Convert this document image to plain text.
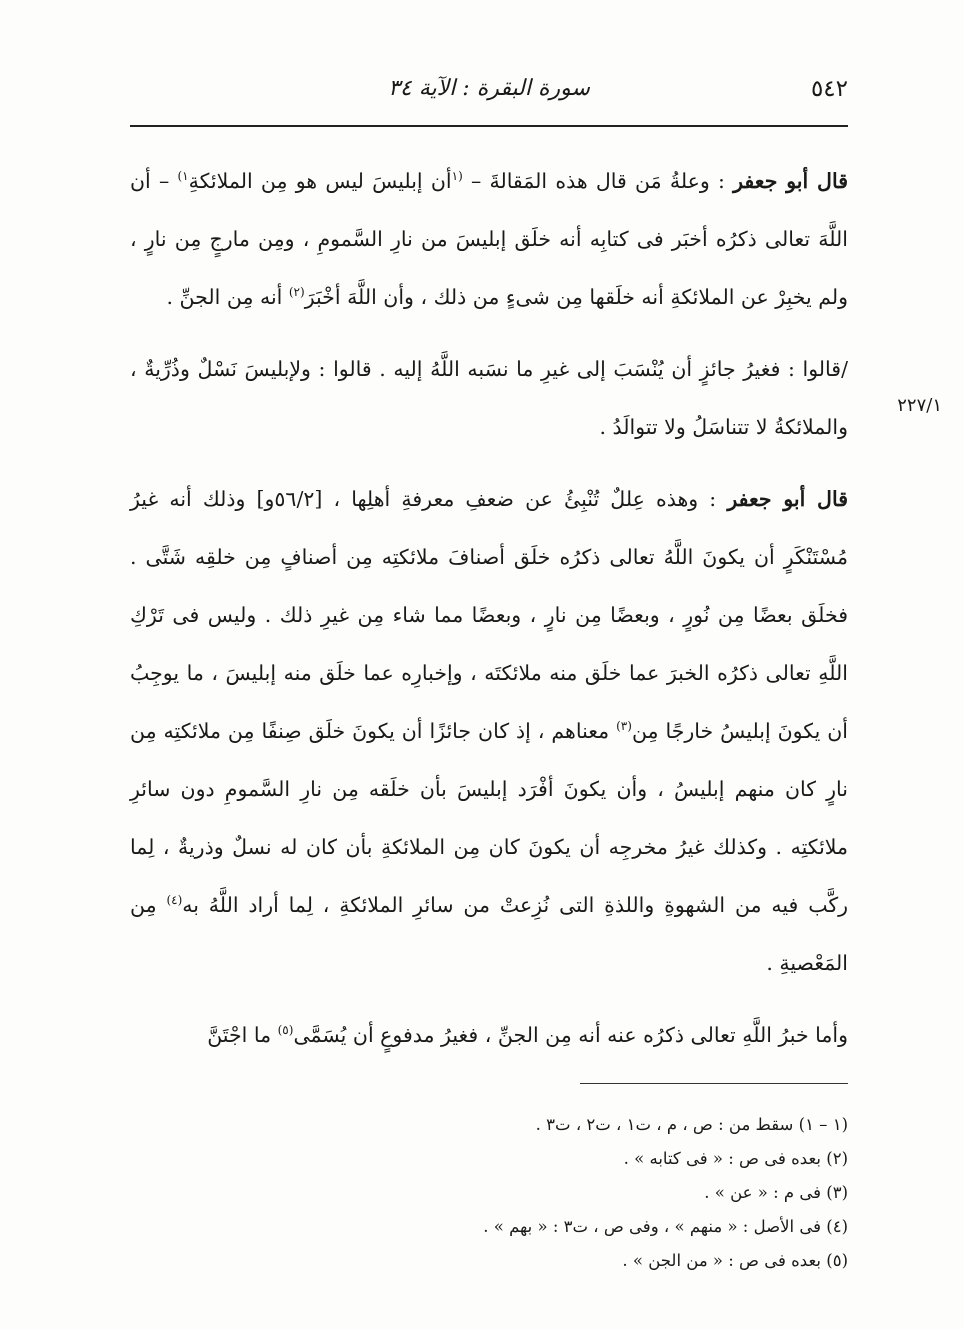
٥٤٢
سورة البقرة : الآية ٣٤
٢٢٧/١

قال أبو جعفر : وعلةُ مَن قال هذه المَقالةَ – $^{(١}$أن إبليسَ ليس هو مِن الملائكةِ$^{١)}$ – أن اللَّهَ تعالى ذكرُه أخبَر فى كتابِه أنه خلَق إبليسَ من نارِ السَّمومِ ، ومِن مارجٍ مِن نارٍ ، ولم يخبِرْ عن الملائكةِ أنه خلَقها مِن شىءٍ من ذلك ، وأن اللَّهَ أخْبَرَ$^{(٢)}$ أنه مِن الجنِّ .

/قالوا : فغيرُ جائزٍ أن يُنْسَبَ إلى غيرِ ما نسَبه اللَّهُ إليه . قالوا : ولإبليسَ نَسْلٌ وذُرِّيةٌ ، والملائكةُ لا تتناسَلُ ولا تتوالَدُ .

قال أبو جعفر : وهذه عِللٌ تُنْبِئُ عن ضعفِ معرفةِ أهلِها ، [٥٦/٢و] وذلك أنه غيرُ مُسْتَنْكَرٍ أن يكونَ اللَّهُ تعالى ذكرُه خلَق أصنافَ ملائكتِه مِن أصنافٍ مِن خلقِه شَتَّى . فخلَق بعضًا مِن نُورٍ ، وبعضًا مِن نارٍ ، وبعضًا مما شاء مِن غيرِ ذلك . وليس فى تَرْكِ اللَّهِ تعالى ذكرُه الخبرَ عما خلَق منه ملائكتَه ، وإخبارِه عما خلَق منه إبليسَ ، ما يوجِبُ أن يكونَ إبليسُ خارجًا مِن$^{(٣)}$ معناهم ، إذ كان جائزًا أن يكونَ خلَق صِنفًا مِن ملائكتِه مِن نارٍ كان منهم إبليسُ ، وأن يكونَ أفْرَد إبليسَ بأن خلَقه مِن نارِ السَّمومِ دون سائرِ ملائكتِه . وكذلك غيرُ مخرجِه أن يكونَ كان مِن الملائكةِ بأن كان له نسلٌ وذريةٌ ، لِما ركَّب فيه من الشهوةِ واللذةِ التى نُزِعتْ من سائرِ الملائكةِ ، لِما أراد اللَّهُ به$^{(٤)}$ مِن المَعْصيةِ .

وأما خبرُ اللَّهِ تعالى ذكرُه عنه أنه مِن الجنِّ ، فغيرُ مدفوعٍ أن يُسَمَّى$^{(٥)}$ ما اجْتَنَّ

(١ – ١) سقط من : ص ، م ، ت١ ، ت٢ ، ت٣ .
(٢) بعده فى ص : « فى كتابه » .
(٣) فى م : « عن » .
(٤) فى الأصل : « منهم » ، وفى ص ، ت٣ : « بهم » .
(٥) بعده فى ص : « من الجن » .
